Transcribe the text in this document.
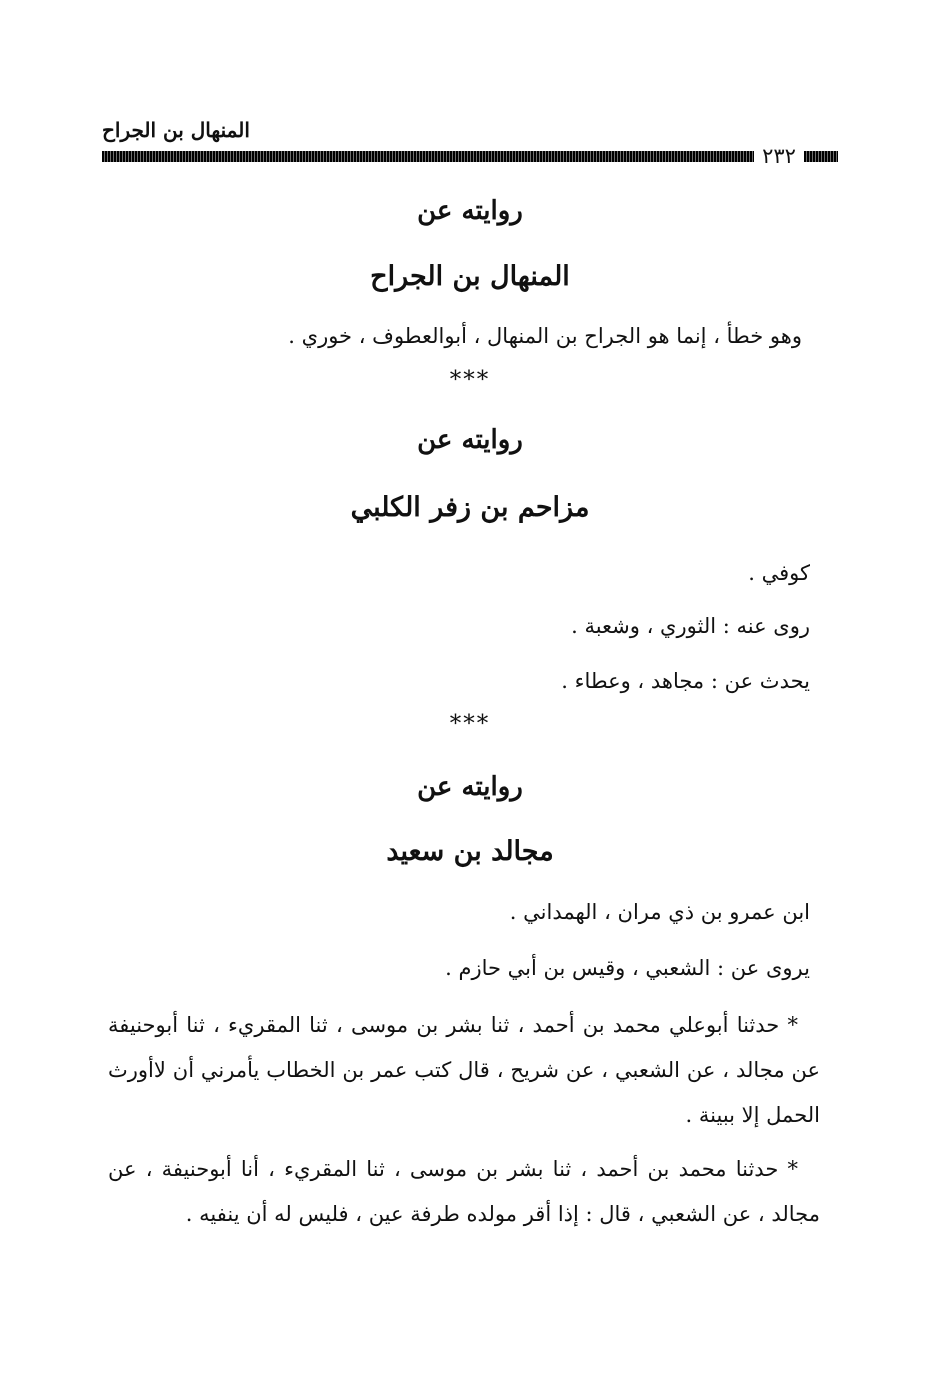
المنهال بن الجراح
٢٣٢
روايته عن
المنهال بن الجراح
وهو خطأ ، إنما هو الجراح بن المنهال ، أبوالعطوف ، خوري .
***
روايته عن
مزاحم بن زفر الكلبي
كوفي .
روى عنه : الثوري ، وشعبة .
يحدث عن : مجاهد ، وعطاء .
***
روايته عن
مجالد بن سعيد
ابن عمرو بن ذي مران ، الهمداني .
يروى عن : الشعبي ، وقيس بن أبي حازم .
* حدثنا أبوعلي محمد بن أحمد ، ثنا بشر بن موسى ، ثنا المقريء ، ثنا أبوحنيفة عن مجالد ، عن الشعبي ، عن شريح ، قال كتب عمر بن الخطاب يأمرني أن لاأورث الحمل إلا ببينة .
* حدثنا محمد بن أحمد ، ثنا بشر بن موسى ، ثنا المقريء ، أنا أبوحنيفة ، عن مجالد ، عن الشعبي ، قال : إذا أقر مولده طرفة عين ، فليس له أن ينفيه .
